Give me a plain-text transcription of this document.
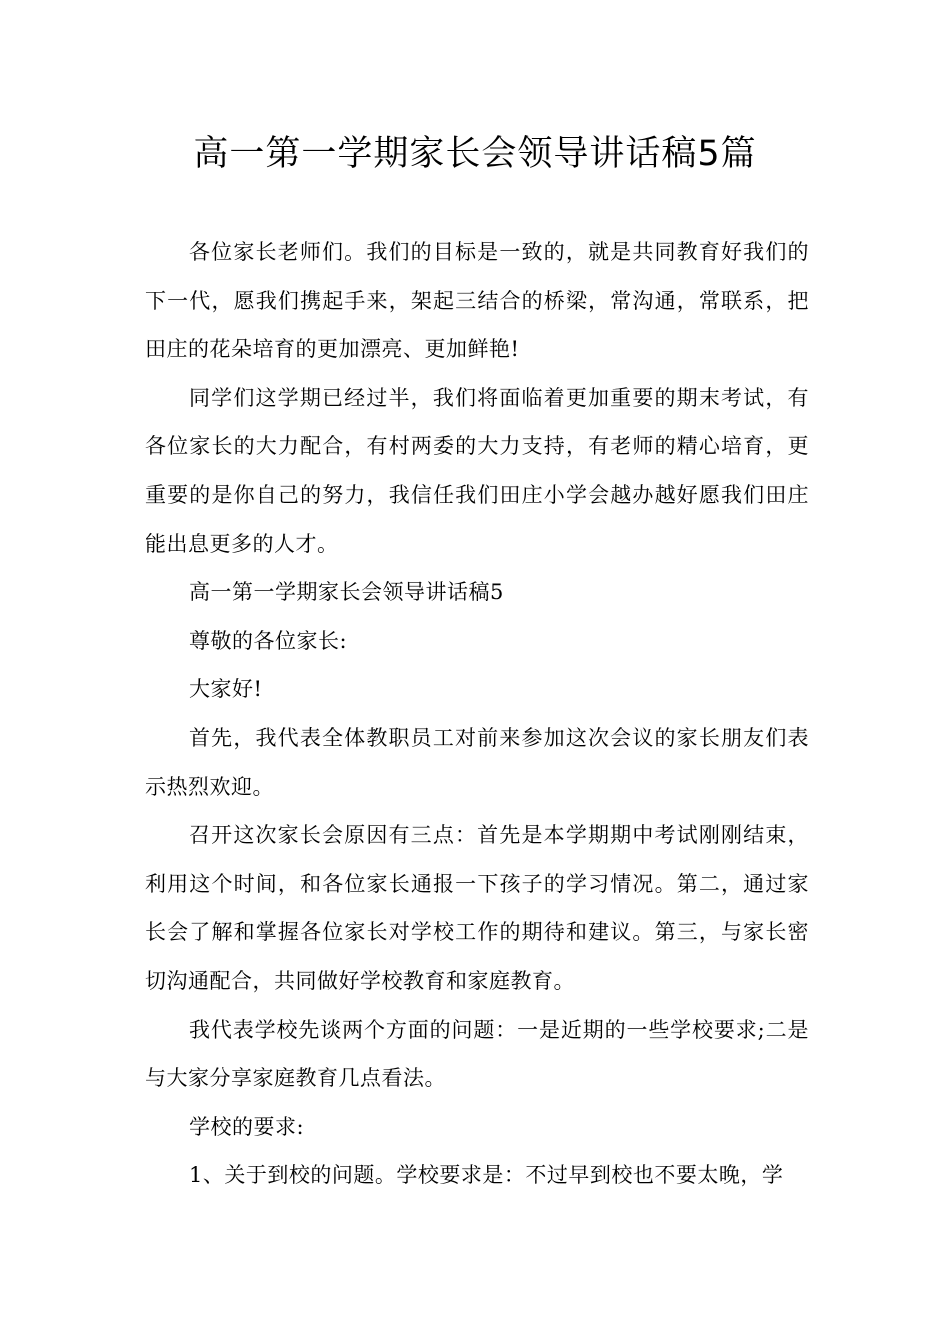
高一第一学期家长会领导讲话稿5篇

各位家长老师们。我们的目标是一致的，就是共同教育好我们的下一代，愿我们携起手来，架起三结合的桥梁，常沟通，常联系，把田庄的花朵培育的更加漂亮、更加鲜艳!

同学们这学期已经过半，我们将面临着更加重要的期末考试，有各位家长的大力配合，有村两委的大力支持，有老师的精心培育，更重要的是你自己的努力，我信任我们田庄小学会越办越好愿我们田庄能出息更多的人才。

高一第一学期家长会领导讲话稿5

尊敬的各位家长:

大家好!

首先，我代表全体教职员工对前来参加这次会议的家长朋友们表示热烈欢迎。

召开这次家长会原因有三点：首先是本学期期中考试刚刚结束，利用这个时间，和各位家长通报一下孩子的学习情况。第二，通过家长会了解和掌握各位家长对学校工作的期待和建议。第三，与家长密切沟通配合，共同做好学校教育和家庭教育。

我代表学校先谈两个方面的问题：一是近期的一些学校要求;二是与大家分享家庭教育几点看法。

学校的要求:

1、关于到校的问题。学校要求是：不过早到校也不要太晚，学
